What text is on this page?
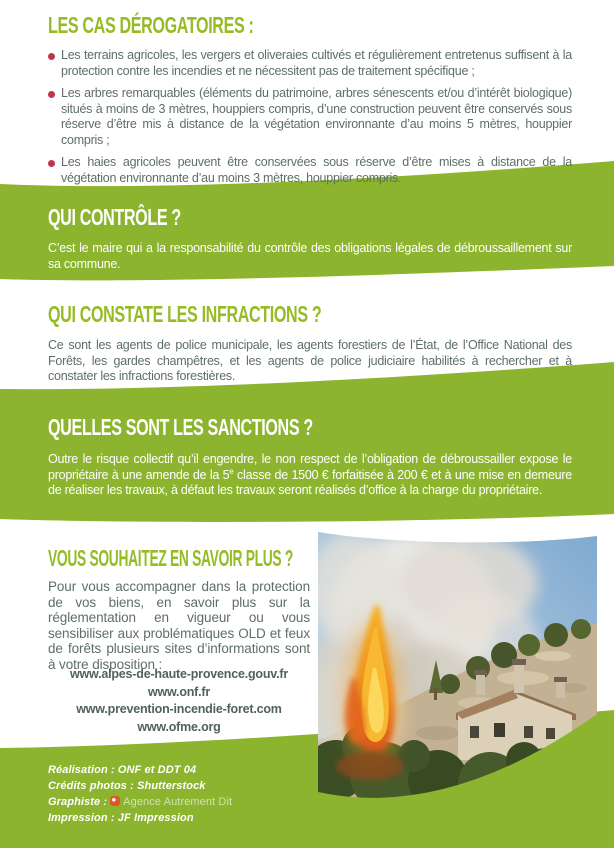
LES CAS DÉROGATOIRES :
Les terrains agricoles, les vergers et oliveraies cultivés et régulièrement entretenus suffisent à la protection contre les incendies et ne nécessitent pas de traitement spécifique ;
Les arbres remarquables (éléments du patrimoine, arbres sénescents et/ou d’intérêt biologique) situés à moins de 3 mètres, houppiers compris, d’une construction peuvent être conservés sous réserve d’être mis à distance de la végétation environnante d’au moins 5 mètres, houppier compris ;
Les haies agricoles peuvent être conservées sous réserve d’être mises à distance de la végétation environnante d’au moins 3 mètres, houppier compris.
QUI CONTRÔLE ?
C’est le maire qui a la responsabilité du contrôle des obligations légales de débroussaillement sur sa commune.
QUI CONSTATE LES INFRACTIONS ?
Ce sont les agents de police municipale, les agents forestiers de l’État, de l’Office National des Forêts, les gardes champêtres, et les agents de police judiciaire habilités à rechercher et à constater les infractions forestières.
QUELLES SONT LES SANCTIONS ?
Outre le risque collectif qu’il engendre, le non respect de l’obligation de débroussailler expose le propriétaire à une amende de la 5e classe de 1500 € forfaitisée à 200 € et à une mise en demeure de réaliser les travaux, à défaut les travaux seront réalisés d’office à la charge du propriétaire.
VOUS SOUHAITEZ EN SAVOIR PLUS ?
Pour vous accompagner dans la protection de vos biens, en savoir plus sur la réglementation en vigueur ou vous sensibiliser aux problématiques OLD et feux de forêts plusieurs sites d’informations sont à votre disposition :
www.alpes-de-haute-provence.gouv.fr
www.onf.fr
www.prevention-incendie-foret.com
www.ofme.org
Réalisation : ONF et DDT 04
Crédits photos : Shutterstock
Graphiste : Agence Autrement Dit
Impression : JF Impression
